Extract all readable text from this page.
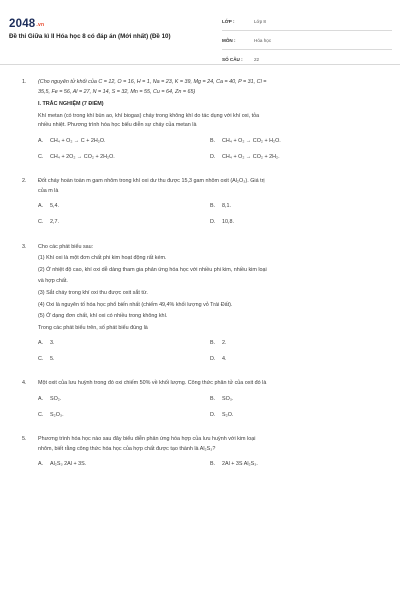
2048.vn
Đề thi Giữa kì II Hóa học 8 có đáp án (Mới nhất) (Đề 10)
LỚP :	Lớp 8
MÔN :	Hóa học
SỐ CÂU :	22
1. (Cho nguyên tử khối của C = 12, O = 16, H = 1, Na = 23, K = 39, Mg = 24, Ca = 40, P = 31, Cl =

35,5, Fe = 56, Al = 27, N = 14, S = 32, Mn = 55, Cu = 64, Zn = 65)

I. TRẮC NGHIỆM (7 ĐIỂM)

Khí metan (có trong khí bùn ao, khí biogas) cháy trong không khí do tác dụng với khí oxi, tỏa

nhiều nhiệt. Phương trình hóa học biểu diễn sự cháy của metan là

A.	CH₄ + O₂ → C + 2H₂O.	B.	CH₄ + O₂ → CO₂ + H₂O.
C.	CH₄ + 2O₂ → CO₂ + 2H₂O.	D.	CH₄ + O₂ → CO₂ + 2H₂.
2. Đốt cháy hoàn toàn m gam nhôm trong khí oxi dư thu được 15,3 gam nhôm oxit (Al₂O₃). Giá trị

của m là

A.	5,4.	B.	8,1.
C.	2,7.	D.	10,8.
3. Cho các phát biểu sau:

(1) Khí oxi là một đơn chất phi kim hoạt động rất kém.

(2) Ở nhiệt độ cao, khí oxi dễ dàng tham gia phản ứng hóa học với nhiều phi kim, nhiều kim loại

và hợp chất.

(3) Sắt cháy trong khí oxi thu được oxit sắt từ.

(4) Oxi là nguyên tố hóa học phổ biến nhất (chiếm 49,4% khối lượng vỏ Trái Đất).

(5) Ở dạng đơn chất, khí oxi có nhiều trong không khí.

Trong các phát biểu trên, số phát biểu đúng là

A.	3.	B.	2.
C.	5.	D.	4.
4. Một oxit của lưu huỳnh trong đó oxi chiếm 50% về khối lượng. Công thức phân tử của oxit đó là

A.	SO₂.	B.	SO₃.
C.	S₂O₃.	D.	S₂O.
5. Phương trình hóa học nào sau đây biểu diễn phản ứng hóa hợp của lưu huỳnh với kim loại

nhôm, biết rằng công thức hóa học của hợp chất được tạo thành là Al₂S₃?

A.	Al₂S₃ 2Al + 3S.	B.	2Al + 3S Al₂S₃.
